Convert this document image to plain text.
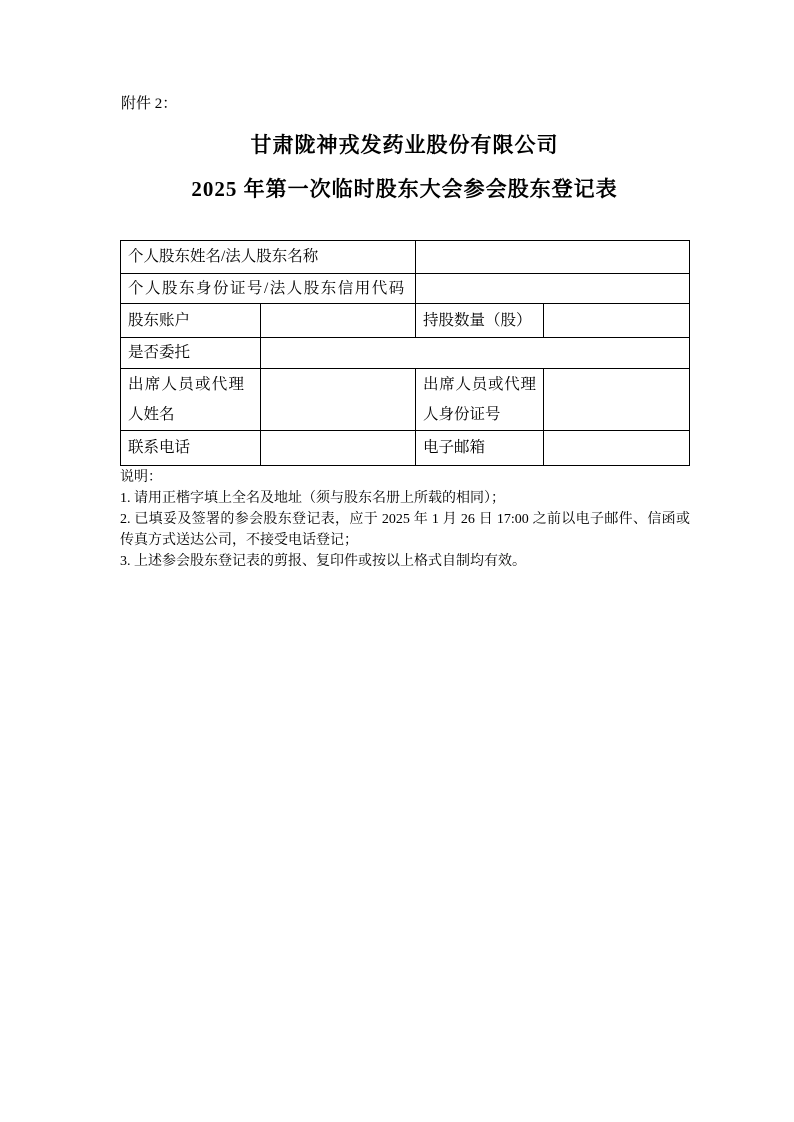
附件 2：
甘肃陇神戎发药业股份有限公司
2025 年第一次临时股东大会参会股东登记表
个人股东姓名/法人股东名称			
个人股东身份证号/法人股东信用代码			
股东账户		持股数量（股）	
是否委托			

出席人员或代理人姓名		出席人员或代理人身份证号	

联系电话		电子邮箱	
说明：
1. 请用正楷字填上全名及地址（须与股东名册上所载的相同）；
2. 已填妥及签署的参会股东登记表，应于 2025 年 1 月 26 日 17:00 之前以电子邮件、信函或传真方式送达公司，不接受电话登记；
3. 上述参会股东登记表的剪报、复印件或按以上格式自制均有效。
